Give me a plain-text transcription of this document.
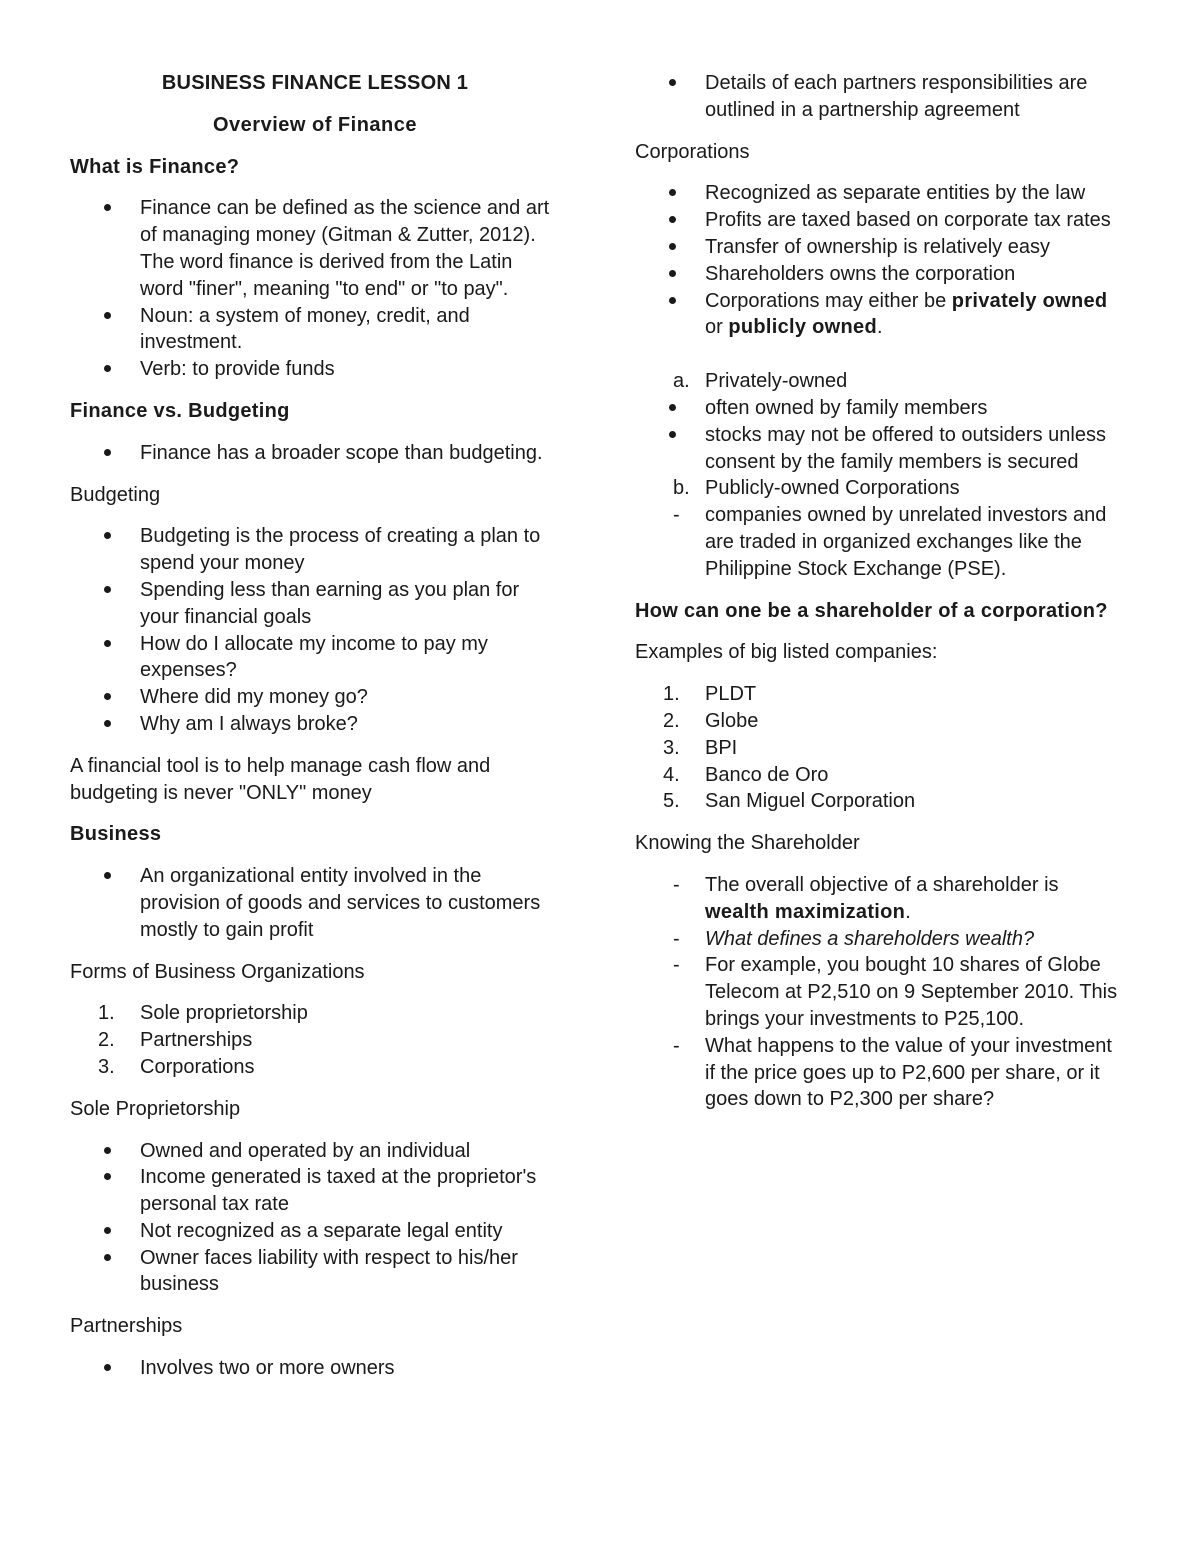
BUSINESS FINANCE LESSON 1
Overview of Finance
What is Finance?
Finance can be defined as the science and art of managing money (Gitman & Zutter, 2012). The word finance is derived from the Latin word "finer", meaning "to end" or "to pay".
Noun: a system of money, credit, and investment.
Verb: to provide funds
Finance vs. Budgeting
Finance has a broader scope than budgeting.
Budgeting
Budgeting is the process of creating a plan to spend your money
Spending less than earning as you plan for your financial goals
How do I allocate my income to pay my expenses?
Where did my money go?
Why am I always broke?
A financial tool is to help manage cash flow and budgeting is never "ONLY" money
Business
An organizational entity involved in the provision of goods and services to customers mostly to gain profit
Forms of Business Organizations
1.	Sole proprietorship
2.	Partnerships
3.	Corporations
Sole Proprietorship
Owned and operated by an individual
Income generated is taxed at the proprietor's personal tax rate
Not recognized as a separate legal entity
Owner faces liability with respect to his/her business
Partnerships
Involves two or more owners
Details of each partners responsibilities are outlined in a partnership agreement
Corporations
Recognized as separate entities by the law
Profits are taxed based on corporate tax rates
Transfer of ownership is relatively easy
Shareholders owns the corporation
Corporations may either be privately owned or publicly owned.
a. Privately-owned
often owned by family members
stocks may not be offered to outsiders unless consent by the family members is secured
b. Publicly-owned Corporations
-	companies owned by unrelated investors and are traded in organized exchanges like the Philippine Stock Exchange (PSE).
How can one be a shareholder of a corporation?
Examples of big listed companies:
1.	PLDT
2.	Globe
3.	BPI
4.	Banco de Oro
5.	San Miguel Corporation
Knowing the Shareholder
-	The overall objective of a shareholder is wealth maximization.
-	What defines a shareholders wealth?
-	For example, you bought 10 shares of Globe Telecom at P2,510 on 9 September 2010. This brings your investments to P25,100.
-	What happens to the value of your investment if the price goes up to P2,600 per share, or it goes down to P2,300 per share?
